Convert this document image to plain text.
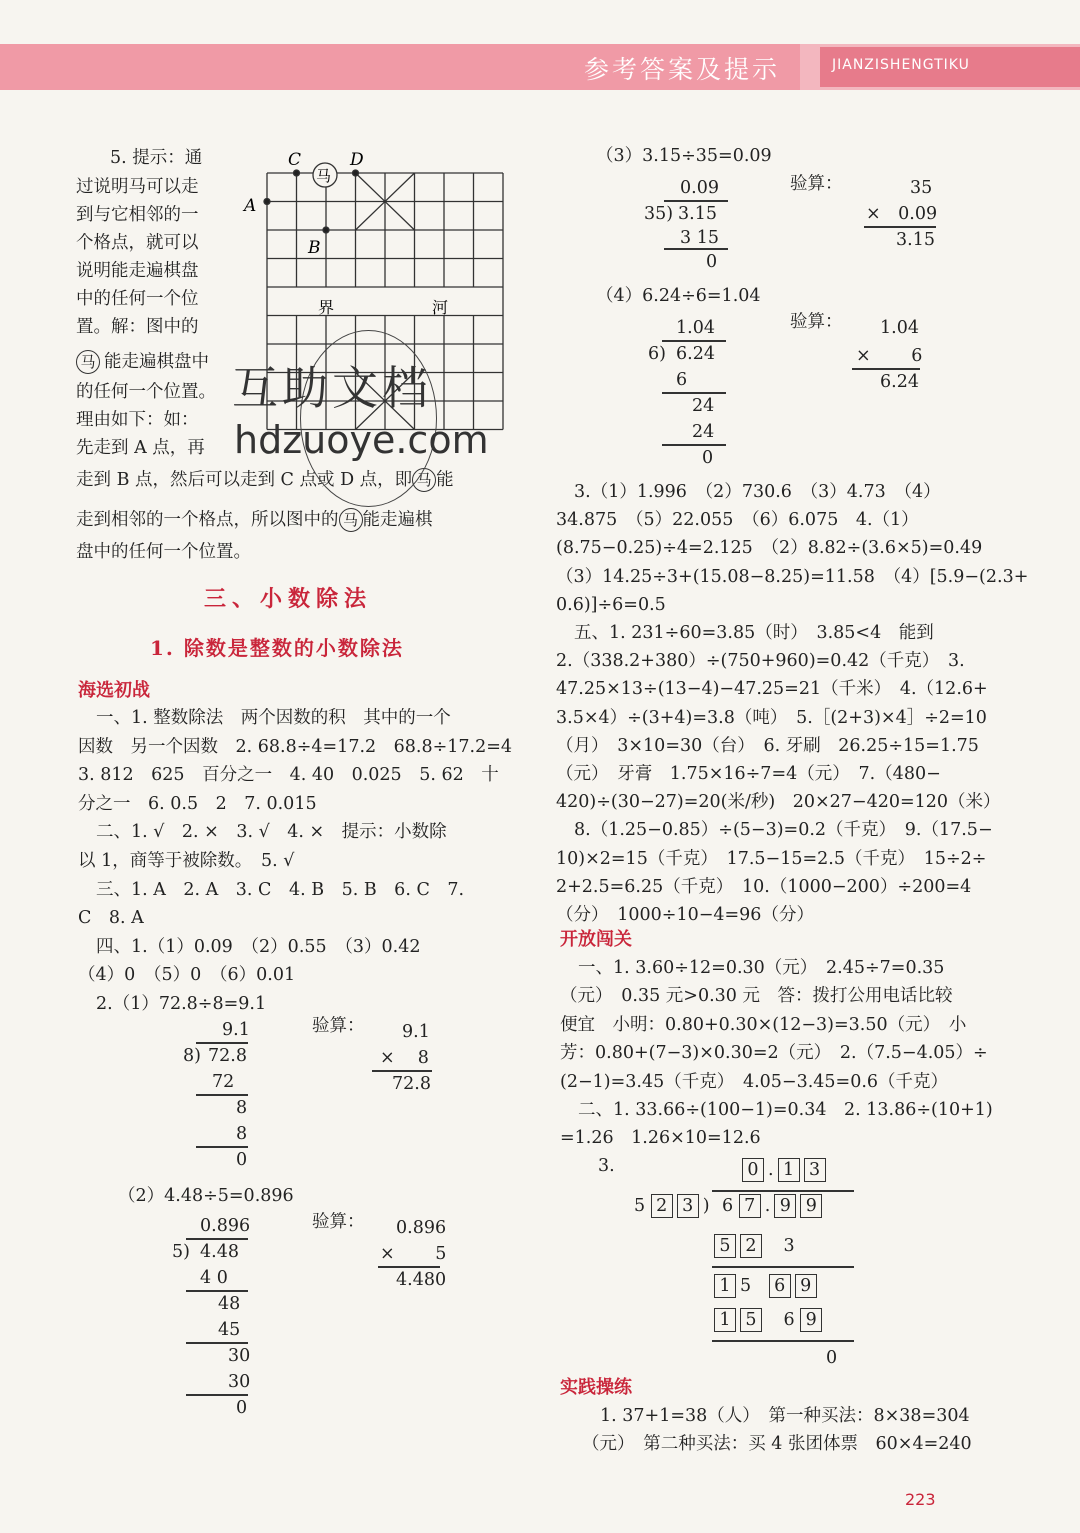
参考答案及提示	JIANZISHENGTIKU
5. 提示：通
过说明马可以走
到与它相邻的一
个格点，就可以
说明能走遍棋盘
中的任何一个位
置。解：图中的
能走遍棋盘中
马
的任何一个位置。
理由如下：如：
先走到 A 点，再
走到 B 点，然后可以走到 C 点或 D 点，即 马 能
走到相邻的一个格点，所以图中的 马 能走遍棋
盘中的任何一个位置。
C	D
A
B
界	河
马
互助文档
hdzuoye.com
三、小数除法
1. 除数是整数的小数除法
海选初战
一、1. 整数除法　两个因数的积　其中的一个
因数　另一个因数　2. 68.8÷4=17.2　68.8÷17.2=4
3. 812　625　百分之一　4. 40　0.025　5. 62　十
分之一　6. 0.5　2　7. 0.015
二、1. √　2. ×　3. √　4. ×　提示：小数除
以 1，商等于被除数。　5. √
三、1. A　2. A　3. C　4. B　5. B　6. C　7.
C　8. A
四、1.（1）0.09　（2）0.55　（3）0.42
（4）0　（5）0　（6）0.01
2.（1）72.8÷8=9.1
9.1
8) 72.8
72
8
8
0
验算： 9.1
× 　8
72.8
（2）4.48÷5=0.896
0.896
5) 4.48
4 0
48
45
30
30
0
验算： 0.896
× 　　5
4.480
（3）3.15÷35=0.09
0.09
35) 3.15
3 15
0
验算：	35
×　0.09
3.15
（4）6.24÷6=1.04
1.04
6) 6.24
6
24
24
0
验算： 1.04
× 　　6
6.24
3.（1）1.996　（2）730.6　（3）4.73　（4）
34.875　（5）22.055　（6）6.075　4.（1）
(8.75−0.25)÷4=2.125　（2）8.82÷(3.6×5)=0.49
（3）14.25÷3+(15.08−8.25)=11.58　（4）[5.9−(2.3+
0.6)]÷6=0.5
五、1. 231÷60=3.85（时）　3.85<4　能到
2.（338.2+380）÷(750+960)=0.42（千克）　3.
47.25×13÷(13−4)−47.25=21（千米）　4.（12.6+
3.5×4）÷(3+4)=3.8（吨）　5.［(2+3)×4］÷2=10
（月）　3×10=30（台）　6. 牙刷　26.25÷15=1.75
（元）　牙膏　1.75×16÷7=4（元）　7.（480−
420)÷(30−27)=20(米/秒)　20×27−420=120（米）
8.（1.25−0.85）÷(5−3)=0.2（千克）　9.（17.5−
10)×2=15（千克）　17.5−15=2.5（千克）　15÷2÷
2+2.5=6.25（千克）　10.（1000−200）÷200=4
（分）　1000÷10−4=96（分）
开放闯关
一、1. 3.60÷12=0.30（元）　2.45÷7=0.35
（元）　0.35 元>0.30 元　答：拨打公用电话比较
便宜　小明：0.80+0.30×(12−3)=3.50（元）　小
芳：0.80+(7−3)×0.30=2（元）　2.（7.5−4.05）÷
(2−1)=3.45（千克）　4.05−3.45=0.6（千克）
二、1. 33.66÷(100−1)=0.34　2. 13.86÷(10+1)
=1.26　1.26×10=12.6
3.	0 . 1 3
5 2 3 ) 6 7 . 9 9
5 2　3
1 5　6 9
1 5　6 9
0
实践操练
1. 37+1=38（人）　第一种买法：8×38=304
（元）　第二种买法：买 4 张团体票　60×4=240
223
